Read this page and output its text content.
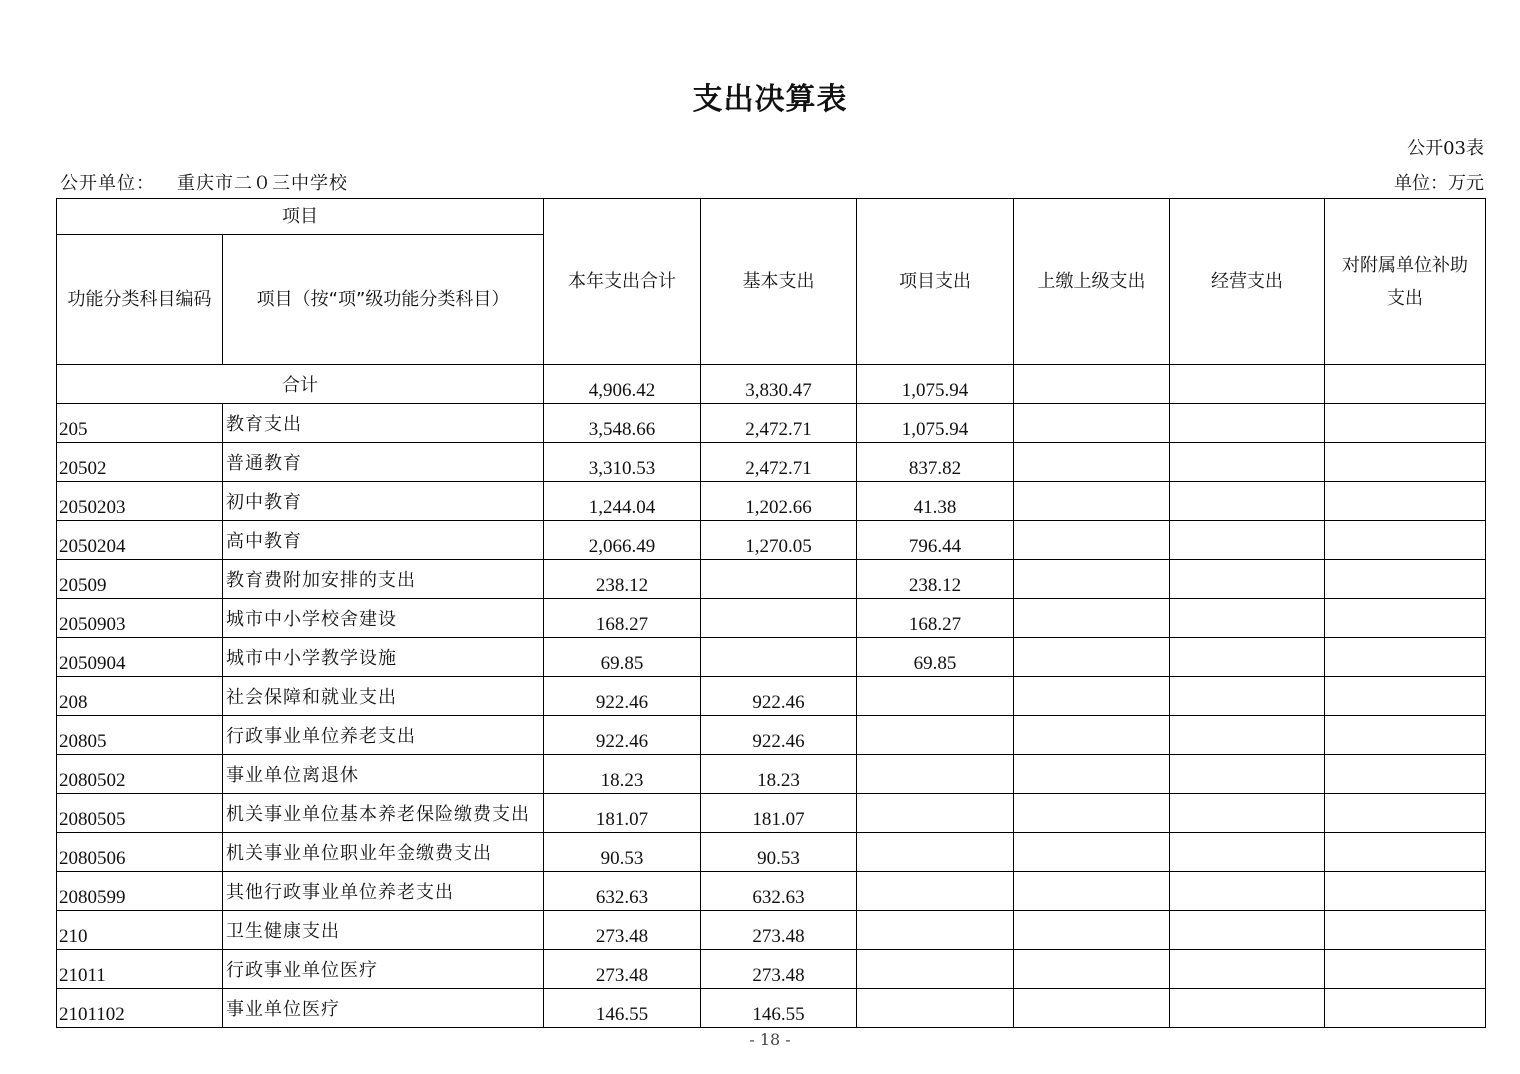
支出决算表
公开03表
公开单位： 重庆市二０三中学校	单位：万元
项目		本年支出合计	基本支出	项目支出	上缴上级支出	经营支出	对附属单位补助
支出
功能分类科目编码	项目（按“项”级功能分类科目）						
合计		4,906.42	3,830.47	1,075.94			
205	教育支出	3,548.66	2,472.71	1,075.94			
20502	普通教育	3,310.53	2,472.71	837.82			
2050203	初中教育	1,244.04	1,202.66	41.38			
2050204	高中教育	2,066.49	1,270.05	796.44			
20509	教育费附加安排的支出	238.12		238.12			
2050903	城市中小学校舍建设	168.27		168.27			
2050904	城市中小学教学设施	69.85		69.85			
208	社会保障和就业支出	922.46	922.46				
20805	行政事业单位养老支出	922.46	922.46				
2080502	事业单位离退休	18.23	18.23				
2080505	机关事业单位基本养老保险缴费支出	181.07	181.07				
2080506	机关事业单位职业年金缴费支出	90.53	90.53				
2080599	其他行政事业单位养老支出	632.63	632.63				
210	卫生健康支出	273.48	273.48				
21011	行政事业单位医疗	273.48	273.48				
2101102	事业单位医疗	146.55	146.55				
- 18 -
